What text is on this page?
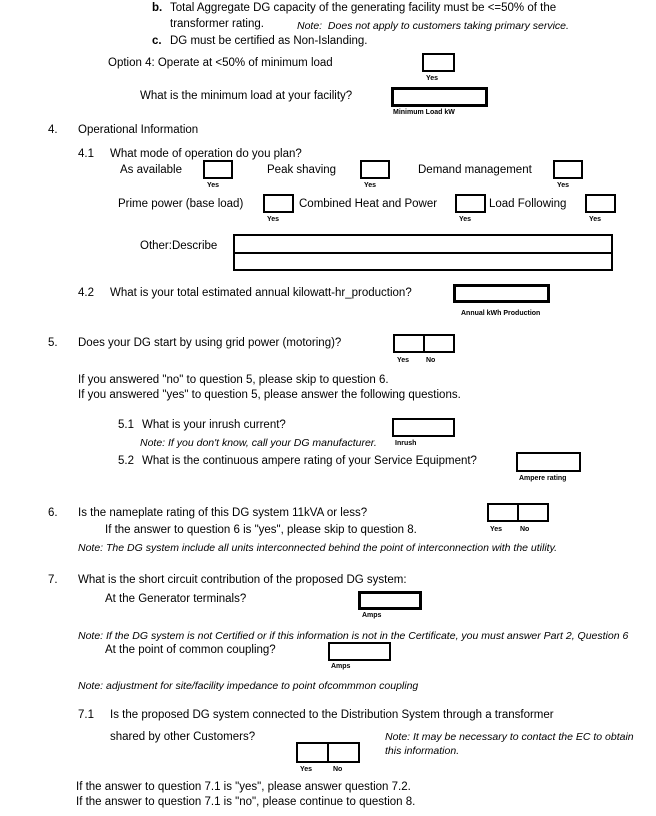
b. Total Aggregate DG capacity of the generating facility must be <=50% of the
transformer rating.	Note:  Does not apply to customers taking primary service.
c. DG must be certified as Non-Islanding.
Option 4: Operate at <50% of minimum load
Yes
What is the minimum load at your facility?
Minimum Load kW
4. Operational Information
4.1 What mode of operation do you plan?
As available
Yes
Peak shaving
Yes
Demand management
Yes
Prime power (base load)
Yes
Combined Heat and Power
Yes
Load Following
Yes
Other:Describe
4.2 What is your total estimated annual kilowatt-hr_production?
Annual kWh Production
5. Does your DG start by using grid power (motoring)?
Yes No
If you answered "no" to question 5, please skip to question 6.
If you answered "yes" to question 5, please answer the following questions.
5.1 What is your inrush current?
Inrush
Note: If you don't know, call your DG manufacturer.
5.2 What is the continuous ampere rating of your Service Equipment?
Ampere rating
6. Is the nameplate rating of this DG system 11kVA or less?
If the answer to question 6 is "yes", please skip to question 8.	Yes	No
Note: The DG system include all units interconnected behind the point of interconnection with the utility.
7. What is the short circuit contribution of the proposed DG system:
At the Generator terminals?
Amps
Note: If the DG system is not Certified or if this information is not in the Certificate, you must answer Part 2, Question 6
At the point of common coupling?
Amps
Note: adjustment for site/facility impedance to point ofcommmon coupling
7.1 Is the proposed DG system connected to the Distribution System through a transformer
shared by other Customers?
Yes	No
Note: It may be necessary to contact the EC to obtain
this information.
If the answer to question 7.1 is "yes", please answer question 7.2.
If the answer to question 7.1 is "no", please continue to question 8.
